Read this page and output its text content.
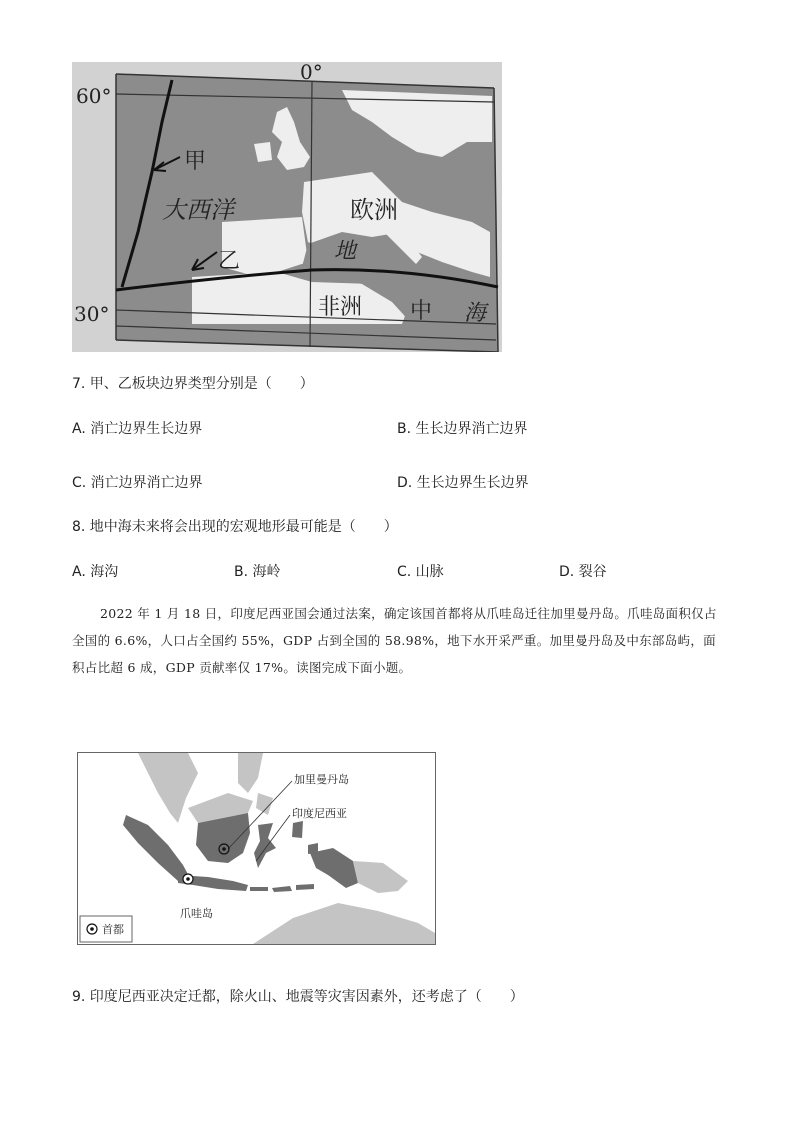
0°
60°
30°
甲
乙
大西洋	欧洲
非洲
地
中 海
7. 甲、乙板块边界类型分别是（　　）
A. 消亡边界生长边界	B. 生长边界消亡边界
C. 消亡边界消亡边界	D. 生长边界生长边界
8. 地中海未来将会出现的宏观地形最可能是（　　）
A. 海沟	B. 海岭	C. 山脉	D. 裂谷
2022 年 1 月 18 日，印度尼西亚国会通过法案，确定该国首都将从爪哇岛迁往加里曼丹岛。爪哇岛面积仅占全国的 6.6%，人口占全国约 55%，GDP 占到全国的 58.98%，地下水开采严重。加里曼丹岛及中东部岛屿，面积占比超 6 成，GDP 贡献率仅 17%。读图完成下面小题。
加里曼丹岛
印度尼西亚
爪哇岛
首都
9. 印度尼西亚决定迁都，除火山、地震等灾害因素外，还考虑了（　　）
